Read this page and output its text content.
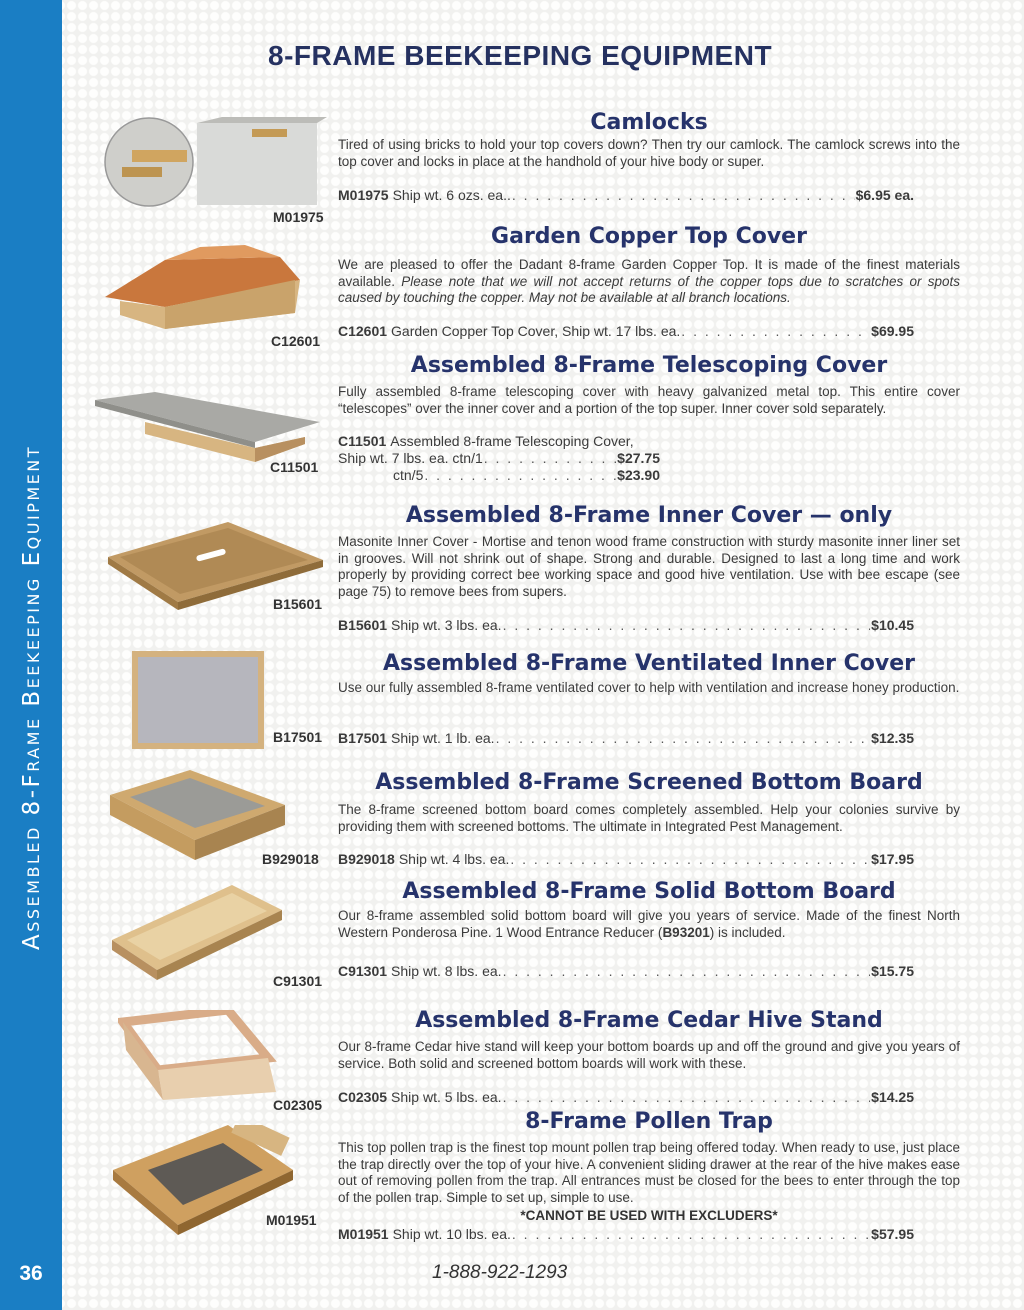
Assembled 8-Frame Beekeeping Equipment
36
8-FRAME BEEKEEPING EQUIPMENT
M01975
Camlocks
Tired of using bricks to hold your top covers down? Then try our camlock. The camlock screws into the top cover and locks in place at the handhold of your hive body or super.
M01975 Ship wt. 6 ozs. ea.. . . .	$6.95 ea.
C12601
Garden Copper Top Cover
We are pleased to offer the Dadant 8-frame Garden Copper Top. It is made of the finest materials available. Please note that we will not accept returns of the copper tops due to scratches or spots caused by touching the copper. May not be available at all branch locations.
C12601 Garden Copper Top Cover, Ship wt. 17 lbs. ea. . . .	$69.95
C11501
Assembled 8-Frame Telescoping Cover
Fully assembled 8-frame telescoping cover with heavy galvanized metal top. This entire cover “telescopes” over the inner cover and a portion of the top super. Inner cover sold separately.
C11501 Assembled 8-frame Telescoping Cover,
Ship wt. 7 lbs. ea. ctn/1 . . .	$27.75
ctn/5 . . .	$23.90
B15601
Assembled 8-Frame Inner Cover — only
Masonite Inner Cover - Mortise and tenon wood frame construction with sturdy masonite inner liner set in grooves. Will not shrink out of shape. Strong and durable. Designed to last a long time and work properly by providing correct bee working space and good hive ventilation. Use with bee escape (see page 75) to remove bees from supers.
B15601 Ship wt. 3 lbs. ea. . . .	$10.45
B17501
Assembled 8-Frame Ventilated Inner Cover
Use our fully assembled 8-frame ventilated cover to help with ventilation and increase honey production.
B17501 Ship wt. 1 lb. ea. . . .	$12.35
B929018
Assembled 8-Frame Screened Bottom Board
The 8-frame screened bottom board comes completely assembled. Help your colonies survive by providing them with screened bottoms. The ultimate in Integrated Pest Management.
B929018 Ship wt. 4 lbs. ea. . . .	$17.95
C91301
Assembled 8-Frame Solid Bottom Board
Our 8-frame assembled solid bottom board will give you years of service. Made of the finest North Western Ponderosa Pine. 1 Wood Entrance Reducer (B93201) is included.
C91301 Ship wt. 8 lbs. ea. . . .	$15.75
C02305
Assembled 8-Frame Cedar Hive Stand
Our 8-frame Cedar hive stand will keep your bottom boards up and off the ground and give you years of service. Both solid and screened bottom boards will work with these.
C02305 Ship wt. 5 lbs. ea. . . .	$14.25
M01951
8-Frame Pollen Trap
This top pollen trap is the finest top mount pollen trap being offered today. When ready to use, just place the trap directly over the top of your hive. A convenient sliding drawer at the rear of the hive makes ease out of removing pollen from the trap. All entrances must be closed for the bees to enter through the top of the pollen trap. Simple to set up, simple to use.
*CANNOT BE USED WITH EXCLUDERS*
M01951 Ship wt. 10 lbs. ea. . . .	$57.95
1-888-922-1293
